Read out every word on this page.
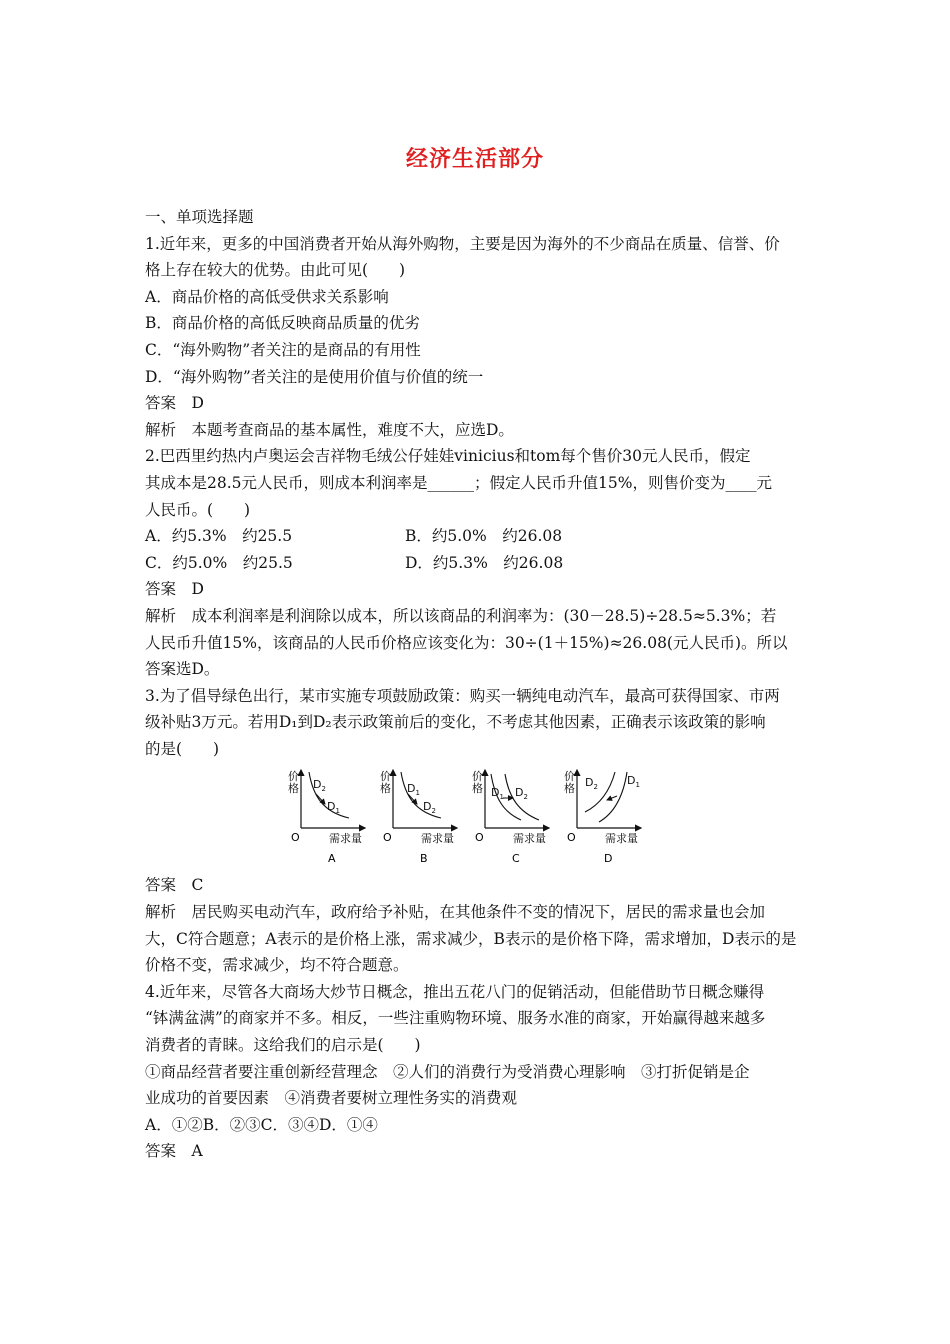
经济生活部分
一、单项选择题
1.近年来，更多的中国消费者开始从海外购物，主要是因为海外的不少商品在质量、信誉、价
格上存在较大的优势。由此可见(　　)
A．商品价格的高低受供求关系影响
B．商品价格的高低反映商品质量的优劣
C．“海外购物”者关注的是商品的有用性
D．“海外购物”者关注的是使用价值与价值的统一
答案　D
解析　本题考查商品的基本属性，难度不大，应选D。
2.巴西里约热内卢奥运会吉祥物毛绒公仔娃娃vinicius和tom每个售价30元人民币，假定
其成本是28.5元人民币，则成本利润率是______；假定人民币升值15%，则售价变为____元
人民币。(　　)
A．约5.3%　约25.5	B．约5.0%　约26.08
C．约5.0%　约25.5	D．约5.3%　约26.08
答案　D
解析　成本利润率是利润除以成本，所以该商品的利润率为：(30－28.5)÷28.5≈5.3%；若
人民币升值15%，该商品的人民币价格应该变化为：30÷(1＋15%)≈26.08(元人民币)。所以
答案选D。
3.为了倡导绿色出行，某市实施专项鼓励政策：购买一辆纯电动汽车，最高可获得国家、市两
级补贴3万元。若用D₁到D₂表示政策前后的变化，不考虑其他因素，正确表示该政策的影响
的是(　　)
价
格
O	需求量
A
$D_2$
$D_1$
价
格
O	需求量
B
$D_1$
$D_2$
价
格
O	需求量
C
$D_1$ $D_2$
价
格
O	需求量
D
$D_2$	$D_1$
答案　C
解析　居民购买电动汽车，政府给予补贴，在其他条件不变的情况下，居民的需求量也会加
大，C符合题意；A表示的是价格上涨，需求减少，B表示的是价格下降，需求增加，D表示的是
价格不变，需求减少，均不符合题意。
4.近年来，尽管各大商场大炒节日概念，推出五花八门的促销活动，但能借助节日概念赚得
“钵满盆满”的商家并不多。相反，一些注重购物环境、服务水准的商家，开始赢得越来越多
消费者的青睐。这给我们的启示是(　　)
①商品经营者要注重创新经营理念　②人们的消费行为受消费心理影响　③打折促销是企
业成功的首要因素　④消费者要树立理性务实的消费观
A．①②B．②③C．③④D．①④
答案　A
